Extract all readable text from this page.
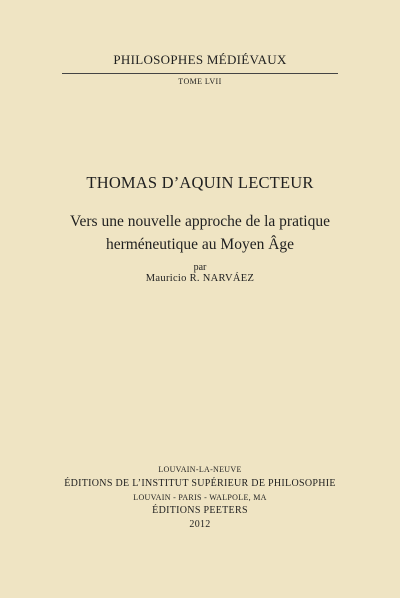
PHILOSOPHES MÉDIÉVAUX
TOME LVII
THOMAS D’AQUIN LECTEUR
Vers une nouvelle approche de la pratique
herméneutique au Moyen Âge
par
Mauricio R. NARVÁEZ
LOUVAIN-LA-NEUVE
ÉDITIONS DE L’INSTITUT SUPÉRIEUR DE PHILOSOPHIE
LOUVAIN - PARIS - WALPOLE, MA
ÉDITIONS PEETERS
2012
